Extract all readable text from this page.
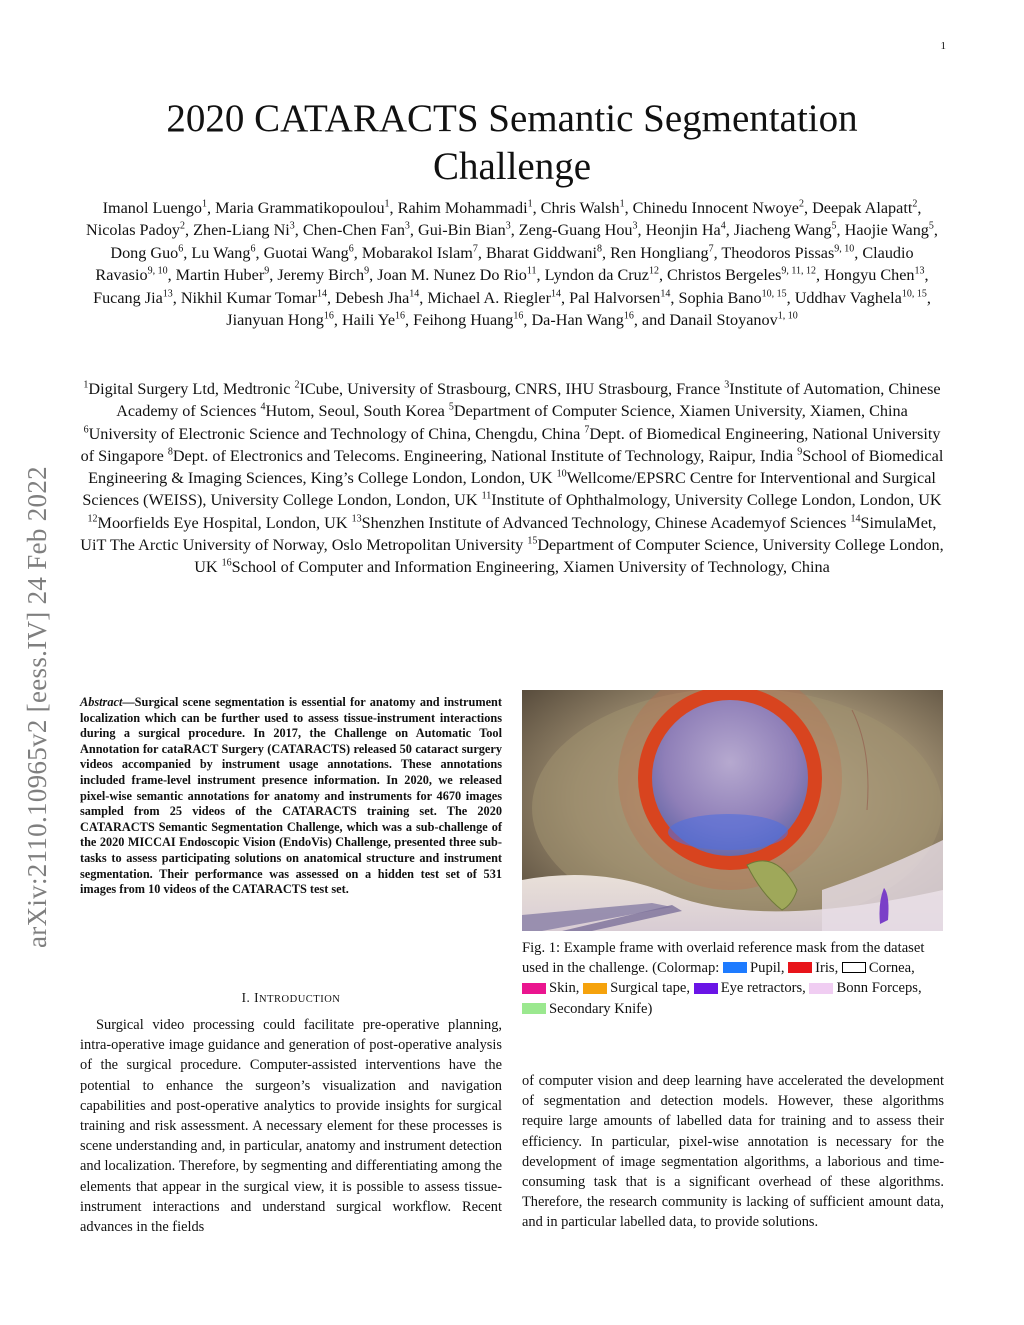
1
arXiv:2110.10965v2 [eess.IV] 24 Feb 2022
2020 CATARACTS Semantic Segmentation Challenge
Imanol Luengo$^1$, Maria Grammatikopoulou$^1$, Rahim Mohammadi$^1$, Chris Walsh$^1$, Chinedu Innocent Nwoye$^2$, Deepak Alapatt$^2$, Nicolas Padoy$^2$, Zhen-Liang Ni$^3$, Chen-Chen Fan$^3$, Gui-Bin Bian$^3$, Zeng-Guang Hou$^3$, Heonjin Ha$^4$, Jiacheng Wang$^5$, Haojie Wang$^5$, Dong Guo$^6$, Lu Wang$^6$, Guotai Wang$^6$, Mobarakol Islam$^7$, Bharat Giddwani$^8$, Ren Hongliang$^7$, Theodoros Pissas$^{9, 10}$, Claudio Ravasio$^{9, 10}$, Martin Huber$^9$, Jeremy Birch$^9$, Joan M. Nunez Do Rio$^{11}$, Lyndon da Cruz$^{12}$, Christos Bergeles$^{9, 11, 12}$, Hongyu Chen$^{13}$, Fucang Jia$^{13}$, Nikhil Kumar Tomar$^{14}$, Debesh Jha$^{14}$, Michael A. Riegler$^{14}$, Pal Halvorsen$^{14}$, Sophia Bano$^{10, 15}$, Uddhav Vaghela$^{10, 15}$, Jianyuan Hong$^{16}$, Haili Ye$^{16}$, Feihong Huang$^{16}$, Da-Han Wang$^{16}$, and Danail Stoyanov$^{1, 10}$
$^1$Digital Surgery Ltd, Medtronic $^2$ICube, University of Strasbourg, CNRS, IHU Strasbourg, France $^3$Institute of Automation, Chinese Academy of Sciences $^4$Hutom, Seoul, South Korea $^5$Department of Computer Science, Xiamen University, Xiamen, China $^6$University of Electronic Science and Technology of China, Chengdu, China $^7$Dept. of Biomedical Engineering, National University of Singapore $^8$Dept. of Electronics and Telecoms. Engineering, National Institute of Technology, Raipur, India $^9$School of Biomedical Engineering & Imaging Sciences, King’s College London, London, UK $^{10}$Wellcome/EPSRC Centre for Interventional and Surgical Sciences (WEISS), University College London, London, UK $^{11}$Institute of Ophthalmology, University College London, London, UK $^{12}$Moorfields Eye Hospital, London, UK $^{13}$Shenzhen Institute of Advanced Technology, Chinese Academyof Sciences $^{14}$SimulaMet, UiT The Arctic University of Norway, Oslo Metropolitan University $^{15}$Department of Computer Science, University College London, UK $^{16}$School of Computer and Information Engineering, Xiamen University of Technology, China
Abstract—Surgical scene segmentation is essential for anatomy and instrument localization which can be further used to assess tissue-instrument interactions during a surgical procedure. In 2017, the Challenge on Automatic Tool Annotation for cataRACT Surgery (CATARACTS) released 50 cataract surgery videos accompanied by instrument usage annotations. These annotations included frame-level instrument presence information. In 2020, we released pixel-wise semantic annotations for anatomy and instruments for 4670 images sampled from 25 videos of the CATARACTS training set. The 2020 CATARACTS Semantic Segmentation Challenge, which was a sub-challenge of the 2020 MICCAI Endoscopic Vision (EndoVis) Challenge, presented three sub-tasks to assess participating solutions on anatomical structure and instrument segmentation. Their performance was assessed on a hidden test set of 531 images from 10 videos of the CATARACTS test set.
I. INTRODUCTION
Surgical video processing could facilitate pre-operative planning, intra-operative image guidance and generation of post-operative analysis of the surgical procedure. Computer-assisted interventions have the potential to enhance the surgeon’s visualization and navigation capabilities and post-operative analytics to provide insights for surgical training and risk assessment. A necessary element for these processes is scene understanding and, in particular, anatomy and instrument detection and localization. Therefore, by segmenting and differentiating among the elements that appear in the surgical view, it is possible to assess tissue-instrument interactions and understand surgical workflow. Recent advances in the fields
Fig. 1: Example frame with overlaid reference mask from the dataset used in the challenge. (Colormap: Pupil, Iris, Cornea, Skin, Surgical tape, Eye retractors, Bonn Forceps, Secondary Knife)
of computer vision and deep learning have accelerated the development of segmentation and detection models. However, these algorithms require large amounts of labelled data for training and to assess their efficiency. In particular, pixel-wise annotation is necessary for the development of image segmentation algorithms, a laborious and time-consuming task that is a significant overhead of these algorithms. Therefore, the research community is lacking of sufficient amount data, and in particular labelled data, to provide solutions.
